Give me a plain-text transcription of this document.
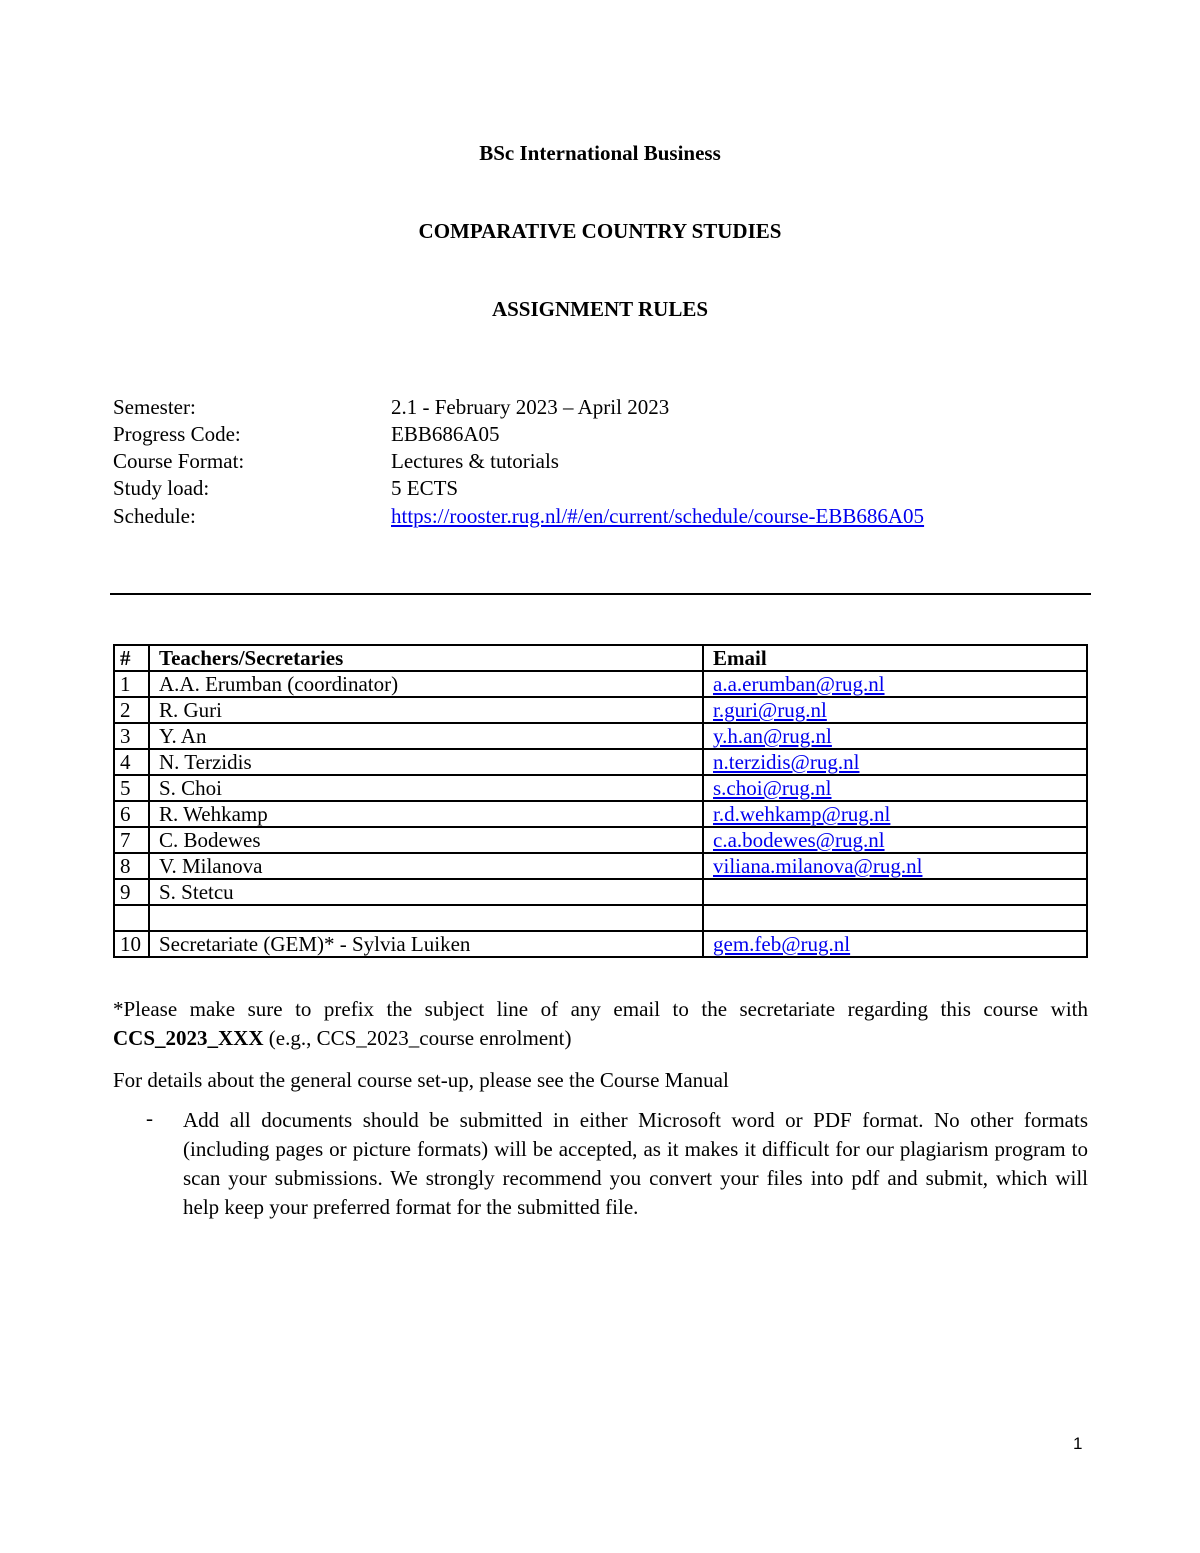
BSc International Business
COMPARATIVE COUNTRY STUDIES
ASSIGNMENT RULES
Semester:	2.1 - February 2023 – April 2023
Progress Code:	EBB686A05
Course Format:	Lectures & tutorials
Study load:	5 ECTS
Schedule:	https://rooster.rug.nl/#/en/current/schedule/course-EBB686A05
#	Teachers/Secretaries	Email
1	A.A. Erumban (coordinator)	a.a.erumban@rug.nl
2	R. Guri	r.guri@rug.nl
3	Y. An	y.h.an@rug.nl
4	N. Terzidis	n.terzidis@rug.nl
5	S. Choi	s.choi@rug.nl
6	R. Wehkamp	r.d.wehkamp@rug.nl
7	C. Bodewes	c.a.bodewes@rug.nl
8	V. Milanova	viliana.milanova@rug.nl
9	S. Stetcu	

10	Secretariate (GEM)* - Sylvia Luiken	gem.feb@rug.nl
*Please make sure to prefix the subject line of any email to the secretariate regarding this course with CCS_2023_XXX (e.g., CCS_2023_course enrolment)
For details about the general course set-up, please see the Course Manual
- Add all documents should be submitted in either Microsoft word or PDF format. No other formats (including pages or picture formats) will be accepted, as it makes it difficult for our plagiarism program to scan your submissions. We strongly recommend you convert your files into pdf and submit, which will help keep your preferred format for the submitted file.
1
